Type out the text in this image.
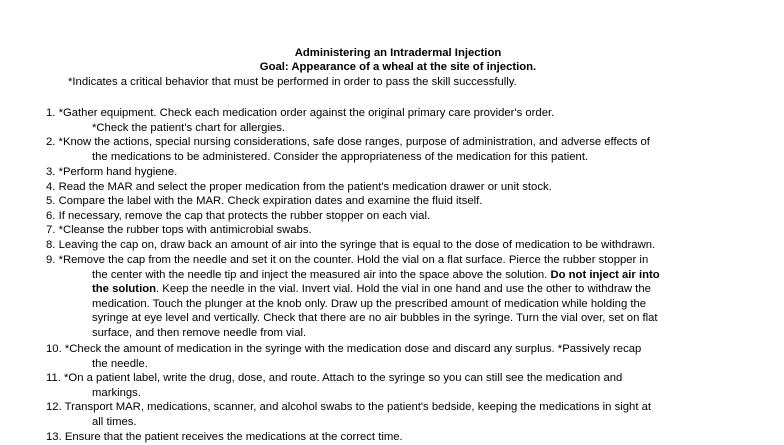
Administering an Intradermal Injection
Goal: Appearance of a wheal at the site of injection.
*Indicates a critical behavior that must be performed in order to pass the skill successfully.
1. *Gather equipment. Check each medication order against the original primary care provider's order.
*Check the patient's chart for allergies.
2. *Know the actions, special nursing considerations, safe dose ranges, purpose of administration, and adverse effects of
the medications to be administered. Consider the appropriateness of the medication for this patient.
3. *Perform hand hygiene.
4. Read the MAR and select the proper medication from the patient's medication drawer or unit stock.
5. Compare the label with the MAR. Check expiration dates and examine the fluid itself.
6. If necessary, remove the cap that protects the rubber stopper on each vial.
7. *Cleanse the rubber tops with antimicrobial swabs.
8. Leaving the cap on, draw back an amount of air into the syringe that is equal to the dose of medication to be withdrawn.
9. *Remove the cap from the needle and set it on the counter. Hold the vial on a flat surface. Pierce the rubber stopper in
the center with the needle tip and inject the measured air into the space above the solution. Do not inject air into
the solution. Keep the needle in the vial. Invert vial. Hold the vial in one hand and use the other to withdraw the
medication. Touch the plunger at the knob only. Draw up the prescribed amount of medication while holding the
syringe at eye level and vertically. Check that there are no air bubbles in the syringe. Turn the vial over, set on flat
surface, and then remove needle from vial.
10. *Check the amount of medication in the syringe with the medication dose and discard any surplus. *Passively recap
the needle.
11. *On a patient label, write the drug, dose, and route. Attach to the syringe so you can still see the medication and
markings.
12. Transport MAR, medications, scanner, and alcohol swabs to the patient's bedside, keeping the medications in sight at
all times.
13. Ensure that the patient receives the medications at the correct time.
